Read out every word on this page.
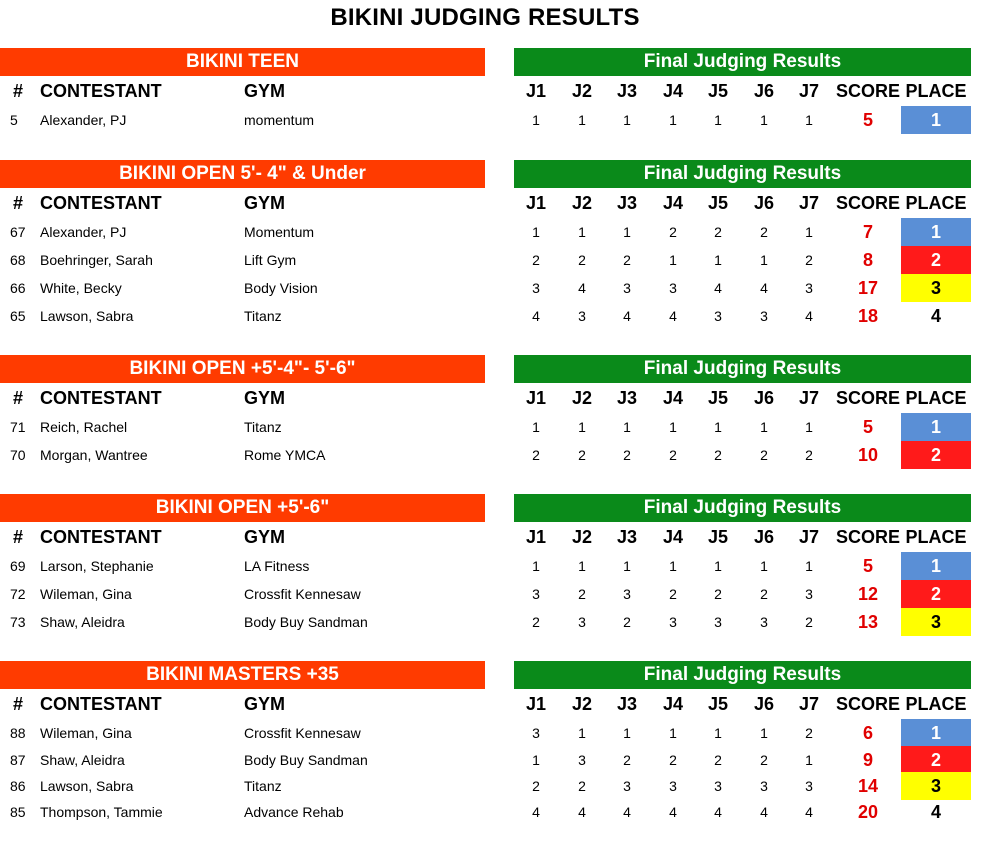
BIKINI JUDGING RESULTS
BIKINI TEEN	Final Judging Results
# CONTESTANT	GYM	J1	J2	J3	J4	J5	J6	J7 SCORE PLACE
5	Alexander, PJ	momentum	1	1	1	1	1	1	1	5	1
BIKINI OPEN 5'- 4" & Under	Final Judging Results
# CONTESTANT	GYM	J1	J2	J3	J4	J5	J6	J7 SCORE PLACE
67	Alexander, PJ	Momentum	1	1	1	2	2	2	1	7	1
68	Boehringer, Sarah	Lift Gym	2	2	2	1	1	1	2	8	2
66	White, Becky	Body Vision	3	4	3	3	4	4	3	17	3
65	Lawson, Sabra	Titanz	4	3	4	4	3	3	4	18	4
BIKINI OPEN +5'-4"- 5'-6"	Final Judging Results
# CONTESTANT	GYM	J1	J2	J3	J4	J5	J6	J7 SCORE PLACE
71	Reich, Rachel	Titanz	1	1	1	1	1	1	1	5	1
70	Morgan, Wantree	Rome YMCA	2	2	2	2	2	2	2	10	2
BIKINI OPEN +5'-6"	Final Judging Results
# CONTESTANT	GYM	J1	J2	J3	J4	J5	J6	J7 SCORE PLACE
69	Larson, Stephanie	LA Fitness	1	1	1	1	1	1	1	5	1
72	Wileman, Gina	Crossfit Kennesaw	3	2	3	2	2	2	3	12	2
73	Shaw, Aleidra	Body Buy Sandman	2	3	2	3	3	3	2	13	3
BIKINI MASTERS +35	Final Judging Results
# CONTESTANT	GYM	J1	J2	J3	J4	J5	J6	J7 SCORE PLACE
88	Wileman, Gina	Crossfit Kennesaw	3	1	1	1	1	1	2	6	1
87	Shaw, Aleidra	Body Buy Sandman	1	3	2	2	2	2	1	9	2
86	Lawson, Sabra	Titanz	2	2	3	3	3	3	3	14	3
85	Thompson, Tammie	Advance Rehab	4	4	4	4	4	4	4	20	4
